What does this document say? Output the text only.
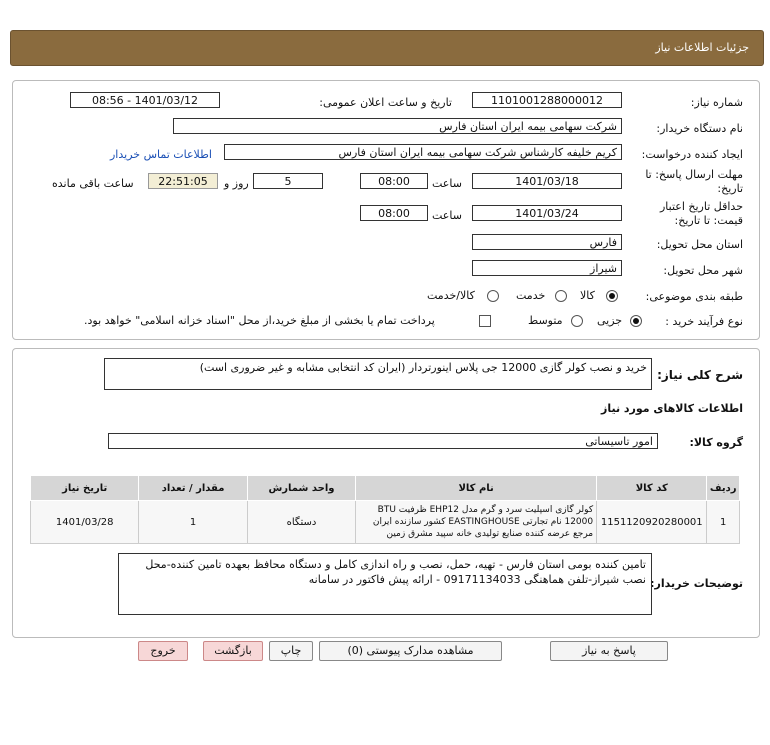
جزئیات اطلاعات نیاز
شماره نیاز:
1101001288000012
تاریخ و ساعت اعلان عمومی:
1401/03/12 - 08:56
نام دستگاه خریدار:
شرکت سهامی بیمه ایران استان فارس
ایجاد کننده درخواست:
کریم خلیفه کارشناس شرکت سهامی بیمه ایران استان فارس
اطلاعات تماس خریدار
مهلت ارسال پاسخ: تا
تاریخ:
1401/03/18
ساعت
08:00
5
روز و
22:51:05
ساعت باقی مانده
حداقل تاریخ اعتبار
قیمت: تا تاریخ:
1401/03/24
ساعت
08:00
استان محل تحویل:
فارس
شهر محل تحویل:
شیراز
طبقه بندی موضوعی:
کالا
خدمت
کالا/خدمت
نوع فرآیند خرید :
جزیی
متوسط
پرداخت تمام یا بخشی از مبلغ خرید،از محل "اسناد خزانه اسلامی" خواهد بود.
شرح کلی نیاز:
خرید و نصب کولر گازی 12000 جی پلاس اینورتردار (ایران کد انتخابی مشابه و غیر ضروری است)
اطلاعات کالاهای مورد نیاز
گروه کالا:
امور تاسیساتی
ردیف	کد کالا	نام کالا	واحد شمارش	مقدار / تعداد	تاریخ نیاز
1	1151120920280001	کولر گازی اسپلیت سرد و گرم مدل EHP12 ظرفیت BTU 12000 نام تجارتی EASTINGHOUSE کشور سازنده ایران مرجع عرضه کننده صنایع تولیدی خانه سپید مشرق زمین	دستگاه	1	1401/03/28
توضیحات خریدار:
تامین کننده بومی استان فارس - تهیه، حمل، نصب و راه اندازی کامل و دستگاه محافظ بعهده تامین کننده-محل نصب شیراز-تلفن هماهنگی 09171134033 - ارائه پیش فاکتور در سامانه
پاسخ به نیاز
مشاهده مدارک پیوستی (0)
چاپ
بازگشت
خروج
